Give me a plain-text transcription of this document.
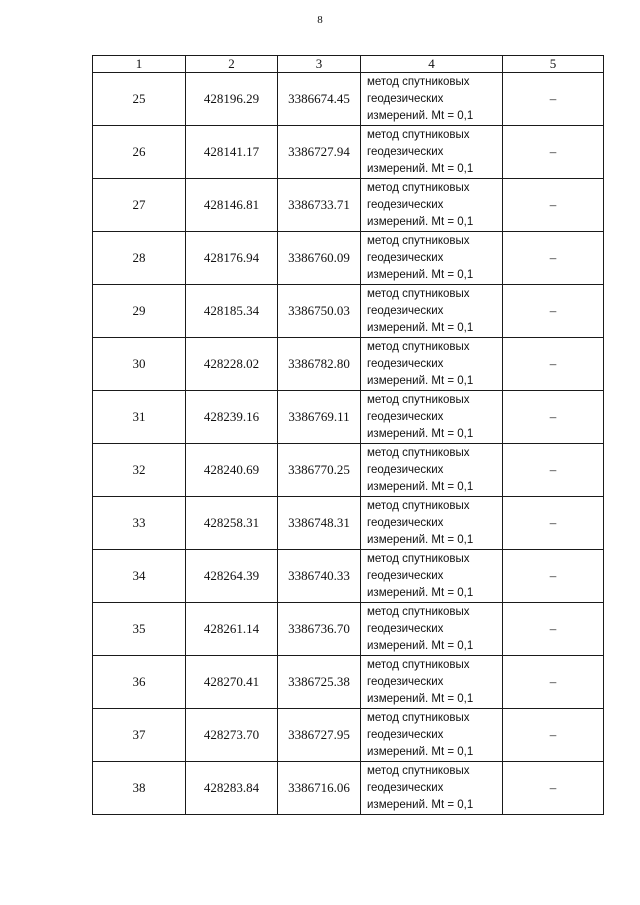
8
1	2	3	4	5
25	428196.29	3386674.45	метод спутниковых
геодезических
измерений. Mt = 0,1	–
26	428141.17	3386727.94	метод спутниковых
геодезических
измерений. Mt = 0,1	–
27	428146.81	3386733.71	метод спутниковых
геодезических
измерений. Mt = 0,1	–
28	428176.94	3386760.09	метод спутниковых
геодезических
измерений. Mt = 0,1	–
29	428185.34	3386750.03	метод спутниковых
геодезических
измерений. Mt = 0,1	–
30	428228.02	3386782.80	метод спутниковых
геодезических
измерений. Mt = 0,1	–
31	428239.16	3386769.11	метод спутниковых
геодезических
измерений. Mt = 0,1	–
32	428240.69	3386770.25	метод спутниковых
геодезических
измерений. Mt = 0,1	–
33	428258.31	3386748.31	метод спутниковых
геодезических
измерений. Mt = 0,1	–
34	428264.39	3386740.33	метод спутниковых
геодезических
измерений. Mt = 0,1	–
35	428261.14	3386736.70	метод спутниковых
геодезических
измерений. Mt = 0,1	–
36	428270.41	3386725.38	метод спутниковых
геодезических
измерений. Mt = 0,1	–
37	428273.70	3386727.95	метод спутниковых
геодезических
измерений. Mt = 0,1	–
38	428283.84	3386716.06	метод спутниковых
геодезических
измерений. Mt = 0,1	–
